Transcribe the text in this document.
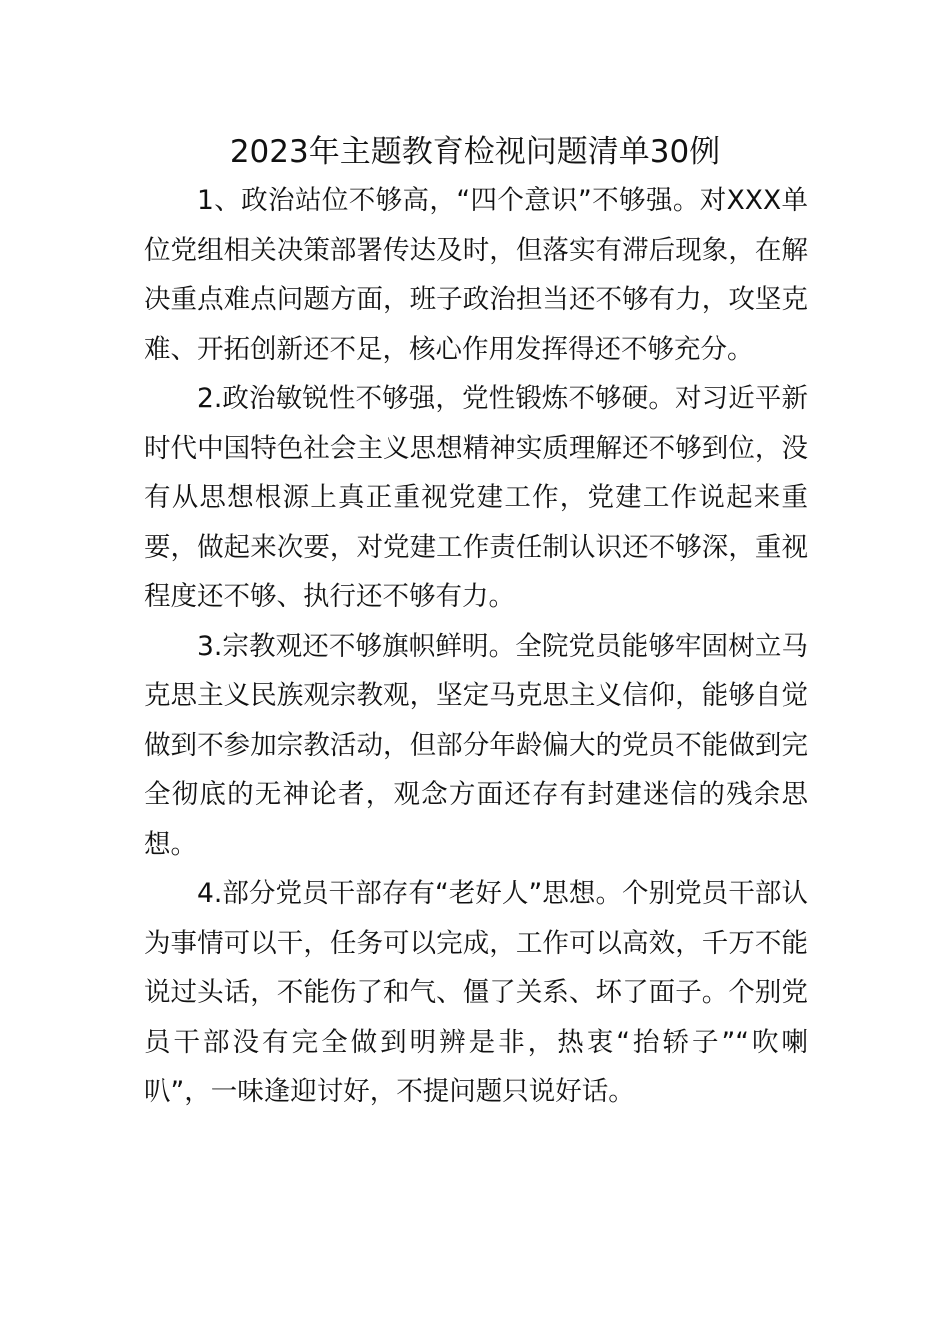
2023年主题教育检视问题清单30例

1、政治站位不够高，“四个意识”不够强。对XXX单位党组相关决策部署传达及时，但落实有滞后现象，在解决重点难点问题方面，班子政治担当还不够有力，攻坚克难、开拓创新还不足，核心作用发挥得还不够充分。

2.政治敏锐性不够强，党性锻炼不够硬。对习近平新时代中国特色社会主义思想精神实质理解还不够到位，没有从思想根源上真正重视党建工作，党建工作说起来重要，做起来次要，对党建工作责任制认识还不够深，重视程度还不够、执行还不够有力。

3.宗教观还不够旗帜鲜明。全院党员能够牢固树立马克思主义民族观宗教观，坚定马克思主义信仰，能够自觉做到不参加宗教活动，但部分年龄偏大的党员不能做到完全彻底的无神论者，观念方面还存有封建迷信的残余思想。

4.部分党员干部存有“老好人”思想。个别党员干部认为事情可以干，任务可以完成，工作可以高效，千万不能说过头话，不能伤了和气、僵了关系、坏了面子。个别党员干部没有完全做到明辨是非，热衷“抬轿子”“吹喇叭”，一味逢迎讨好，不提问题只说好话。
